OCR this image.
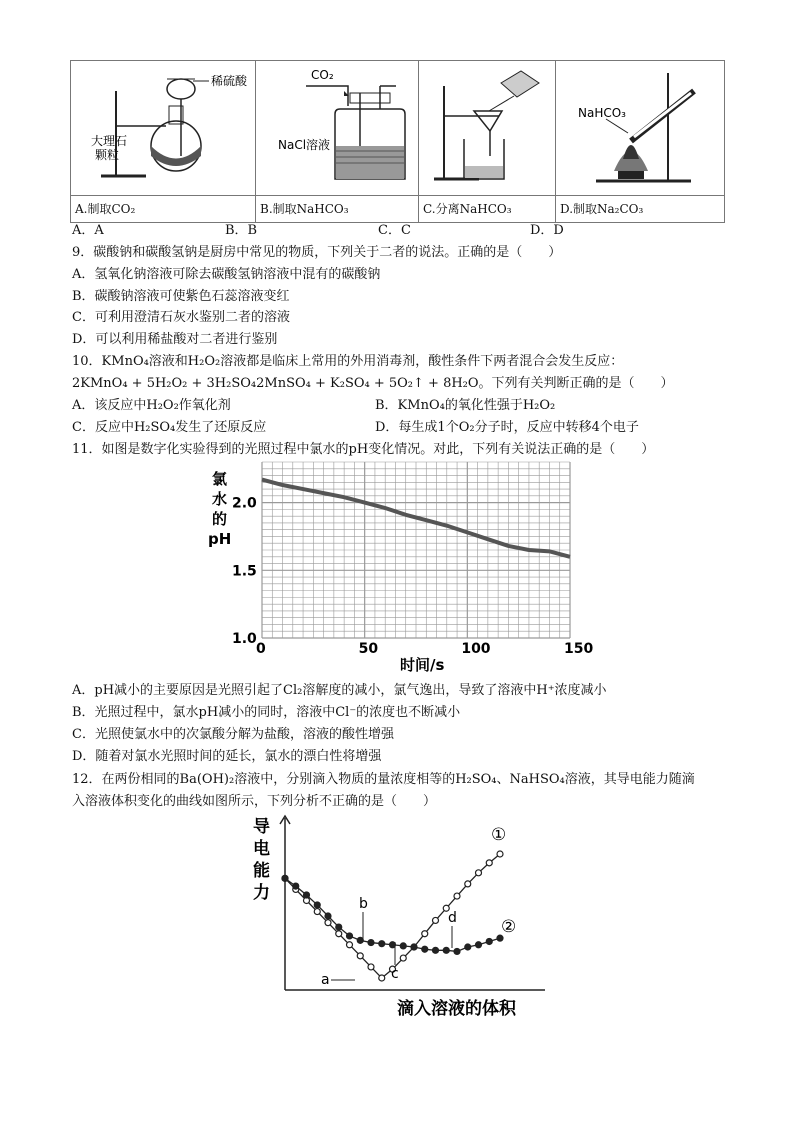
稀硫酸
大理石
颗粒	CO₂
NaCl溶液		NaHCO₃

A.制取CO₂	B.制取NaHCO₃	C.分离NaHCO₃	D.制取Na₂CO₃
A．A	B．B	C．C	D．D
9．碳酸钠和碳酸氢钠是厨房中常见的物质，下列关于二者的说法。正确的是（　　）
A．氢氧化钠溶液可除去碳酸氢钠溶液中混有的碳酸钠
B．碳酸钠溶液可使紫色石蕊溶液变红
C．可利用澄清石灰水鉴别二者的溶液
D．可以利用稀盐酸对二者进行鉴别
10．KMnO₄溶液和H₂O₂溶液都是临床上常用的外用消毒剂，酸性条件下两者混合会发生反应：
2KMnO₄ + 5H₂O₂ + 3H₂SO₄2MnSO₄ + K₂SO₄ + 5O₂↑ + 8H₂O。下列有关判断正确的是（　　）
A．该反应中H₂O₂作氧化剂	B．KMnO₄的氧化性强于H₂O₂
C．反应中H₂SO₄发生了还原反应	D．每生成1个O₂分子时，反应中转移4个电子
11．如图是数字化实验得到的光照过程中氯水的pH变化情况。对此，下列有关说法正确的是（　　）
氯
水
的
pH
0	50	100	150
1.0
1.5
2.0
时间/s
A．pH减小的主要原因是光照引起了Cl₂溶解度的减小，氯气逸出，导致了溶液中H⁺浓度减小
B．光照过程中，氯水pH减小的同时，溶液中Cl⁻的浓度也不断减小
C．光照使氯水中的次氯酸分解为盐酸，溶液的酸性增强
D．随着对氯水光照时间的延长，氯水的漂白性将增强
12．在两份相同的Ba(OH)₂溶液中，分别滴入物质的量浓度相等的H₂SO₄、NaHSO₄溶液，其导电能力随滴
入溶液体积变化的曲线如图所示，下列分析不正确的是（　　）
导
电
能
力
滴入溶液的体积
a
b
c
d
①
②
